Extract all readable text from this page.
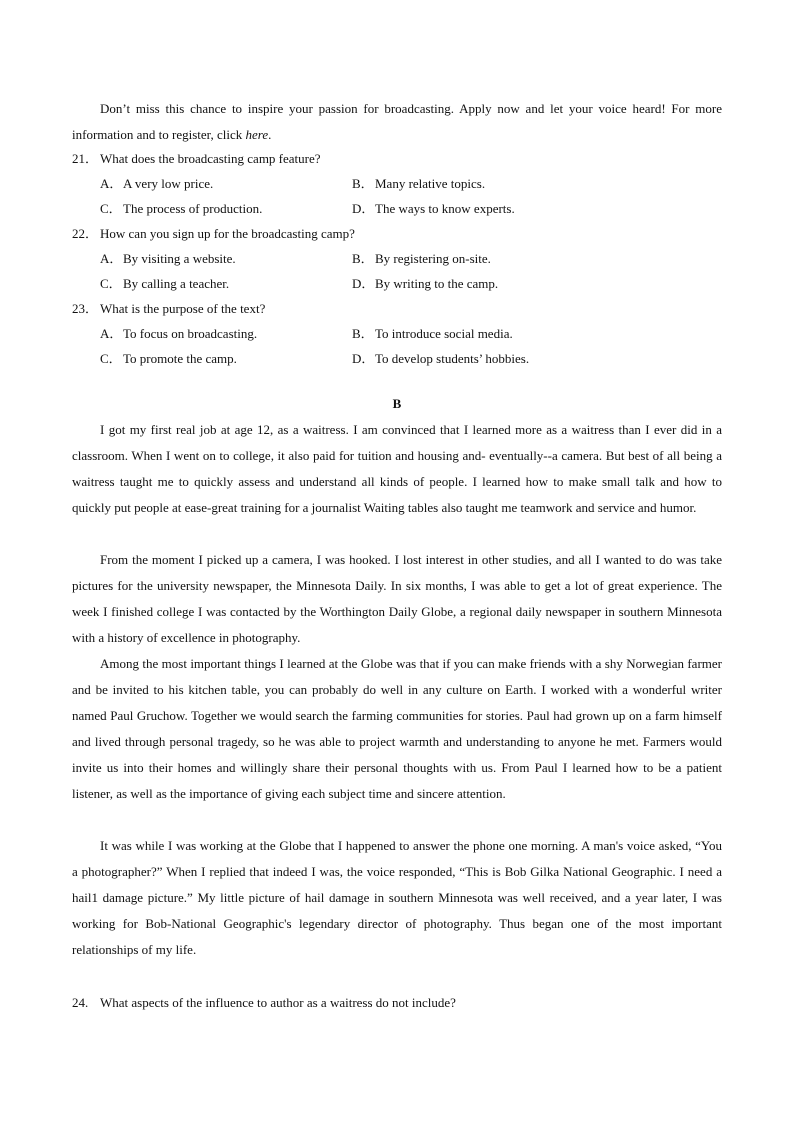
Don’t miss this chance to inspire your passion for broadcasting. Apply now and let your voice heard! For more information and to register, click here.
21． What does the broadcasting camp feature?
A．A very low price.	B．Many relative topics.
C．The process of production.	D．The ways to know experts.
22． How can you sign up for the broadcasting camp?
A．By visiting a website.	B．By registering on-site.
C．By calling a teacher.	D．By writing to the camp.
23． What is the purpose of the text?
A．To focus on broadcasting.	B．To introduce social media.
C．To promote the camp.	D．To develop students’ hobbies.
B
I got my first real job at age 12, as a waitress. I am convinced that I learned more as a waitress than I ever did in a classroom. When I went on to college, it also paid for tuition and housing and- eventually--a camera. But best of all being a waitress taught me to quickly assess and understand all kinds of people. I learned how to make small talk and how to quickly put people at ease-great training for a journalist Waiting tables also taught me teamwork and service and humor.
From the moment I picked up a camera, I was hooked. I lost interest in other studies, and all I wanted to do was take pictures for the university newspaper, the Minnesota Daily. In six months, I was able to get a lot of great experience. The week I finished college I was contacted by the Worthington Daily Globe, a regional daily newspaper in southern Minnesota with a history of excellence in photography.
Among the most important things I learned at the Globe was that if you can make friends with a shy Norwegian farmer and be invited to his kitchen table, you can probably do well in any culture on Earth. I worked with a wonderful writer named Paul Gruchow. Together we would search the farming communities for stories. Paul had grown up on a farm himself and lived through personal tragedy, so he was able to project warmth and understanding to anyone he met. Farmers would invite us into their homes and willingly share their personal thoughts with us. From Paul I learned how to be a patient listener, as well as the importance of giving each subject time and sincere attention.
It was while I was working at the Globe that I happened to answer the phone one morning. A man's voice asked, “You a photographer?” When I replied that indeed I was, the voice responded, “This is Bob Gilka National Geographic. I need a hail1 damage picture.” My little picture of hail damage in southern Minnesota was well received, and a year later, I was working for Bob-National Geographic's legendary director of photography. Thus began one of the most important relationships of my life.
24. What aspects of the influence to author as a waitress do not include?
